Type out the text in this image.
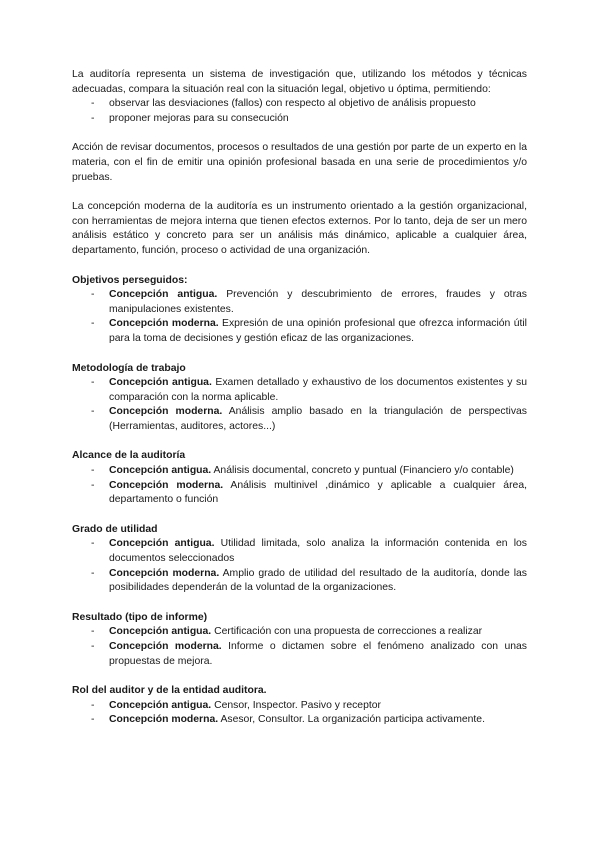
La auditoría representa un sistema de investigación que, utilizando los métodos y técnicas adecuadas, compara la situación real con la situación legal, objetivo u óptima, permitiendo:

- observar las desviaciones (fallos) con respecto al objetivo de análisis propuesto
- proponer mejoras para su consecución

Acción de revisar documentos, procesos o resultados de una gestión por parte de un experto en la materia, con el fin de emitir una opinión profesional basada en una serie de procedimientos y/o pruebas.

La concepción moderna de la auditoría es un instrumento orientado a la gestión organizacional, con herramientas de mejora interna que tienen efectos externos. Por lo tanto, deja de ser un mero análisis estático y concreto para ser un análisis más dinámico, aplicable a cualquier área, departamento, función, proceso o actividad de una organización.

Objetivos perseguidos:

- Concepción antigua. Prevención y descubrimiento de errores, fraudes y otras manipulaciones existentes.
- Concepción moderna. Expresión de una opinión profesional que ofrezca información útil para la toma de decisiones y gestión eficaz de las organizaciones.

Metodología de trabajo

- Concepción antigua. Examen detallado y exhaustivo de los documentos existentes y su comparación con la norma aplicable.
- Concepción moderna. Análisis amplio basado en la triangulación de perspectivas (Herramientas, auditores, actores...)

Alcance de la auditoría

- Concepción antigua. Análisis documental, concreto y puntual (Financiero y/o contable)
- Concepción moderna. Análisis multinivel ,dinámico y aplicable a cualquier área, departamento o función

Grado de utilidad

- Concepción antigua. Utilidad limitada, solo analiza la información contenida en los documentos seleccionados
- Concepción moderna. Amplio grado de utilidad del resultado de la auditoría, donde las posibilidades dependerán de la voluntad de la organizaciones.

Resultado (tipo de informe)

- Concepción antigua. Certificación con una propuesta de correcciones a realizar
- Concepción moderna. Informe o dictamen sobre el fenómeno analizado con unas propuestas de mejora.

Rol del auditor y de la entidad auditora.

- Concepción antigua. Censor, Inspector. Pasivo y receptor
- Concepción moderna. Asesor, Consultor. La organización participa activamente.
